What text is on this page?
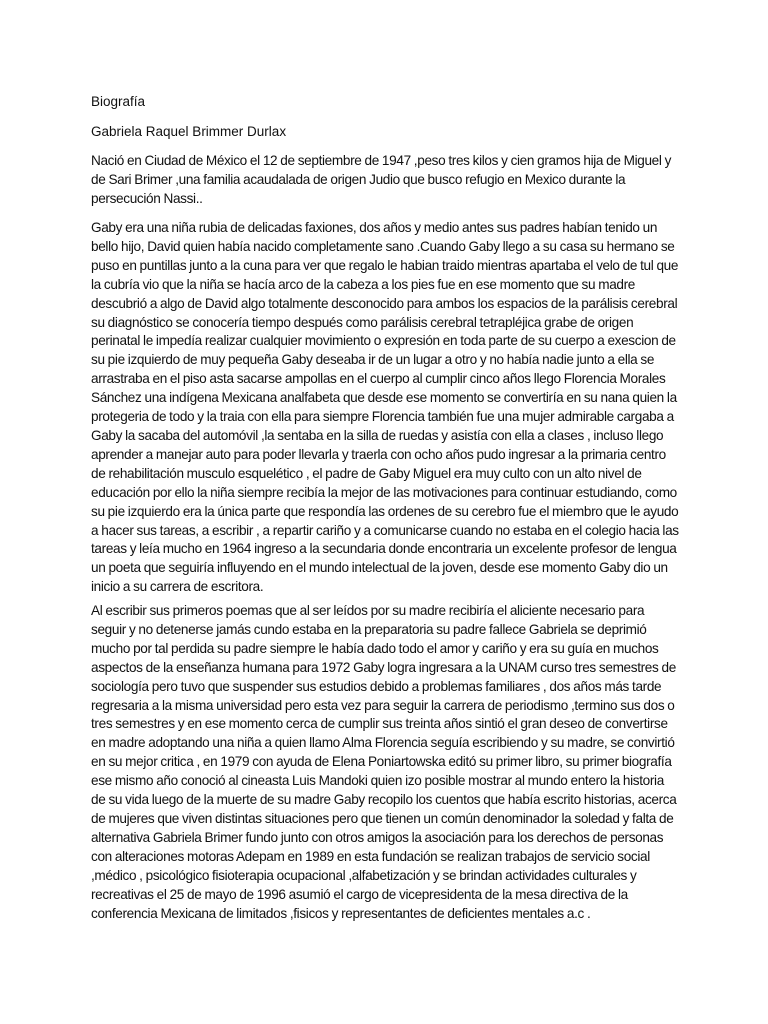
Biografía

Gabriela Raquel Brimmer Durlax

Nació en Ciudad de México el 12 de septiembre de 1947 ,peso tres kilos y cien gramos hija de Miguel y de Sari Brimer ,una familia acaudalada de origen Judio que busco refugio en Mexico durante la persecución Nassi..

Gaby era una niña rubia de delicadas faxiones, dos años y medio antes sus padres habían tenido un bello hijo, David quien había nacido completamente sano .Cuando Gaby llego a su casa su hermano se puso en puntillas junto a la cuna para ver que regalo le habian traido mientras apartaba el velo de tul que la cubría vio que la niña se hacía arco de la cabeza a los pies fue en ese momento que su madre descubrió a algo de David algo totalmente desconocido para ambos los espacios de la parálisis cerebral su diagnóstico se conocería tiempo después como parálisis cerebral tetrapléjica grabe de origen perinatal le impedía realizar cualquier movimiento o expresión en toda parte de su cuerpo a exescion de su pie izquierdo de muy pequeña Gaby deseaba ir de un lugar a otro y no había nadie junto a ella se arrastraba en el piso asta sacarse ampollas en el cuerpo al cumplir cinco años llego Florencia Morales Sánchez una indígena Mexicana analfabeta que desde ese momento se convertiría en su nana quien la protegeria de todo y la traia con ella para siempre Florencia también fue una mujer admirable cargaba a Gaby la sacaba del automóvil ,la sentaba en la silla de ruedas y asistía con ella a clases , incluso llego aprender a manejar auto para poder llevarla y traerla con ocho años pudo ingresar a la primaria centro de rehabilitación musculo esquelético , el padre de Gaby Miguel era muy culto con un alto nivel de educación por ello la niña siempre recibía la mejor de las motivaciones para continuar estudiando, como su pie izquierdo era la única parte que respondía las ordenes de su cerebro fue el miembro que le ayudo a hacer sus tareas, a escribir , a repartir cariño y a comunicarse cuando no estaba en el colegio hacia las tareas y leía mucho en 1964 ingreso a la secundaria donde encontraria un excelente profesor de lengua un poeta que seguiría influyendo en el mundo intelectual de la joven, desde ese momento Gaby dio un inicio a su carrera de escritora.

Al escribir sus primeros poemas que al ser leídos por su madre recibiría el aliciente necesario para seguir y no detenerse jamás cundo estaba en la preparatoria su padre fallece Gabriela se deprimió mucho por tal perdida su padre siempre le había dado todo el amor y cariño y era su guía en muchos aspectos de la enseñanza humana para 1972 Gaby logra ingresara a la UNAM curso tres semestres de sociología pero tuvo que suspender sus estudios debido a problemas familiares , dos años más tarde regresaria a la misma universidad pero esta vez para seguir la carrera de periodismo ,termino sus dos o tres semestres y en ese momento cerca de cumplir sus treinta años sintió el gran deseo de convertirse en madre adoptando una niña a quien llamo Alma Florencia seguía escribiendo y su madre, se convirtió en su mejor critica , en 1979 con ayuda de Elena Poniartowska editó su primer libro, su primer biografía ese mismo año conoció al cineasta Luis Mandoki quien izo posible mostrar al mundo entero la historia de su vida luego de la muerte de su madre Gaby recopilo los cuentos que había escrito historias, acerca de mujeres que viven distintas situaciones pero que tienen un común denominador la soledad y falta de alternativa Gabriela Brimer fundo junto con otros amigos la asociación para los derechos de personas con alteraciones motoras Adepam en 1989 en esta fundación se realizan trabajos de servicio social ,médico , psicológico fisioterapia ocupacional ,alfabetización y se brindan actividades culturales y recreativas el 25 de mayo de 1996 asumió el cargo de vicepresidenta de la mesa directiva de la conferencia Mexicana de limitados ,fisicos y representantes de deficientes mentales a.c .
